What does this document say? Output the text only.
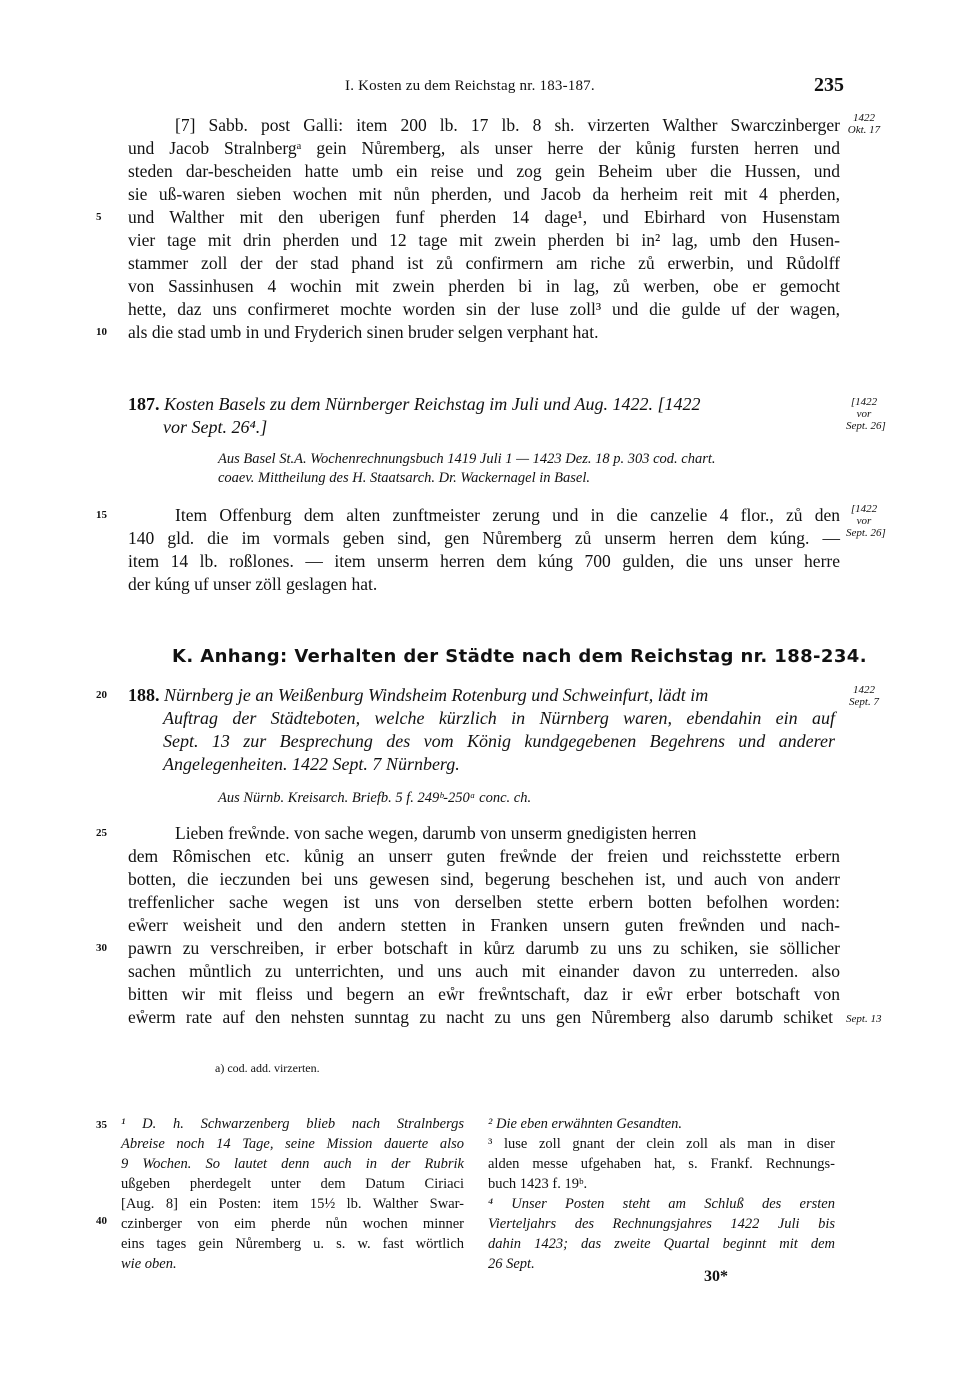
I. Kosten zu dem Reichstag nr. 183-187.	235
[7] Sabb. post Galli: item 200 lb. 17 lb. 8 sh. virzerten Walther Swarczinberger
und Jacob Stralnbergᵃ gein Nůremberg, als unser herre der kůnig fursten herren und
steden dar-bescheiden hatte umb ein reise und zog gein Beheim uber die Hussen, und
sie uß-waren sieben wochen mit nůn pherden, und Jacob da herheim reit mit 4 pherden,
und Walther mit den uberigen funf pherden 14 dage¹, und Ebirhard von Husenstam
vier tage mit drin pherden und 12 tage mit zwein pherden bi in² lag, umb den Husen-
stammer zoll der der stad phand ist zů confirmern am riche zů erwerbin, und Růdolff
von Sassinhusen 4 wochin mit zwein pherden bi in lag, zů werben, obe er gemocht
hette, daz uns confirmeret mochte worden sin der luse zoll³ und die gulde uf der wagen,
als die stad umb in und Fryderich sinen bruder selgen verphant hat.
1422
Okt. 17
187. Kosten Basels zu dem Nürnberger Reichstag im Juli und Aug. 1422. [1422
vor Sept. 26⁴.]
[1422
vor
Sept. 26]
Aus Basel St.A. Wochenrechnungsbuch 1419 Juli 1 — 1423 Dez. 18 p. 303 cod. chart.
coaev. Mittheilung des H. Staatsarch. Dr. Wackernagel in Basel.
Item Offenburg dem alten zunftmeister zerung und in die canzelie 4 flor., zů den
140 gld. die im vormals geben sind, gen Nůremberg zů unserm herren dem kúng. —
item 14 lb. roßlones. — item unserm herren dem kúng 700 gulden, die uns unser herre
der kúng uf unser zöll geslagen hat.
[1422
vor
Sept. 26]
K. Anhang: Verhalten der Städte nach dem Reichstag nr. 188-234.
188. Nürnberg je an Weißenburg Windsheim Rotenburg und Schweinfurt, lädt im
Auftrag der Städteboten, welche kürzlich in Nürnberg waren, ebendahin ein auf
Sept. 13 zur Besprechung des vom König kundgegebenen Begehrens und anderer
Angelegenheiten. 1422 Sept. 7 Nürnberg.
1422
Sept. 7
Aus Nürnb. Kreisarch. Briefb. 5 f. 249ᵇ-250ᵃ conc. ch.
Lieben freẘnde. von sache wegen, darumb von unserm gnedigisten herren
dem Rômischen etc. kůnig an unserr guten freẘnde der freien und reichsstette erbern
botten, die ieczunden bei uns gewesen sind, begerung beschehen ist, und auch von anderr
treffenlicher sache wegen ist uns von derselben stette erbern botten befolhen worden:
eẘerr weisheit und den andern stetten in Franken unsern guten freẘnden und nach-
pawrn zu verschreiben, ir erber botschaft in kůrz darumb zu uns zu schiken, sie söllicher
sachen můntlich zu unterrichten, und uns auch mit einander davon zu unterreden. also
bitten wir mit fleiss und begern an eẘr freẘntschaft, daz ir eẘr erber botschaft von
eẘerm rate auf den nehsten sunntag zu nacht zu uns gen Nůremberg also darumb schiket Sept. 13
5
10
15
20
25
30
35
40
a) cod. add. virzerten.
¹ D. h. Schwarzenberg blieb nach Stralnbergs
Abreise noch 14 Tage, seine Mission dauerte also
9 Wochen. So lautet denn auch in der Rubrik
ußgeben pherdegelt unter dem Datum Ciriaci
[Aug. 8] ein Posten: item 15½ lb. Walther Swar-
czinberger von eim pherde nůn wochen minner
eins tages gein Nůremberg u. s. w. fast wörtlich
wie oben.
² Die eben erwähnten Gesandten.
³ luse zoll gnant der clein zoll als man in diser
alden messe ufgehaben hat, s. Frankf. Rechnungs-
buch 1423 f. 19ᵇ.
⁴ Unser Posten steht am Schluß des ersten
Vierteljahrs des Rechnungsjahres 1422 Juli bis
dahin 1423; das zweite Quartal beginnt mit dem
26 Sept.
30*
